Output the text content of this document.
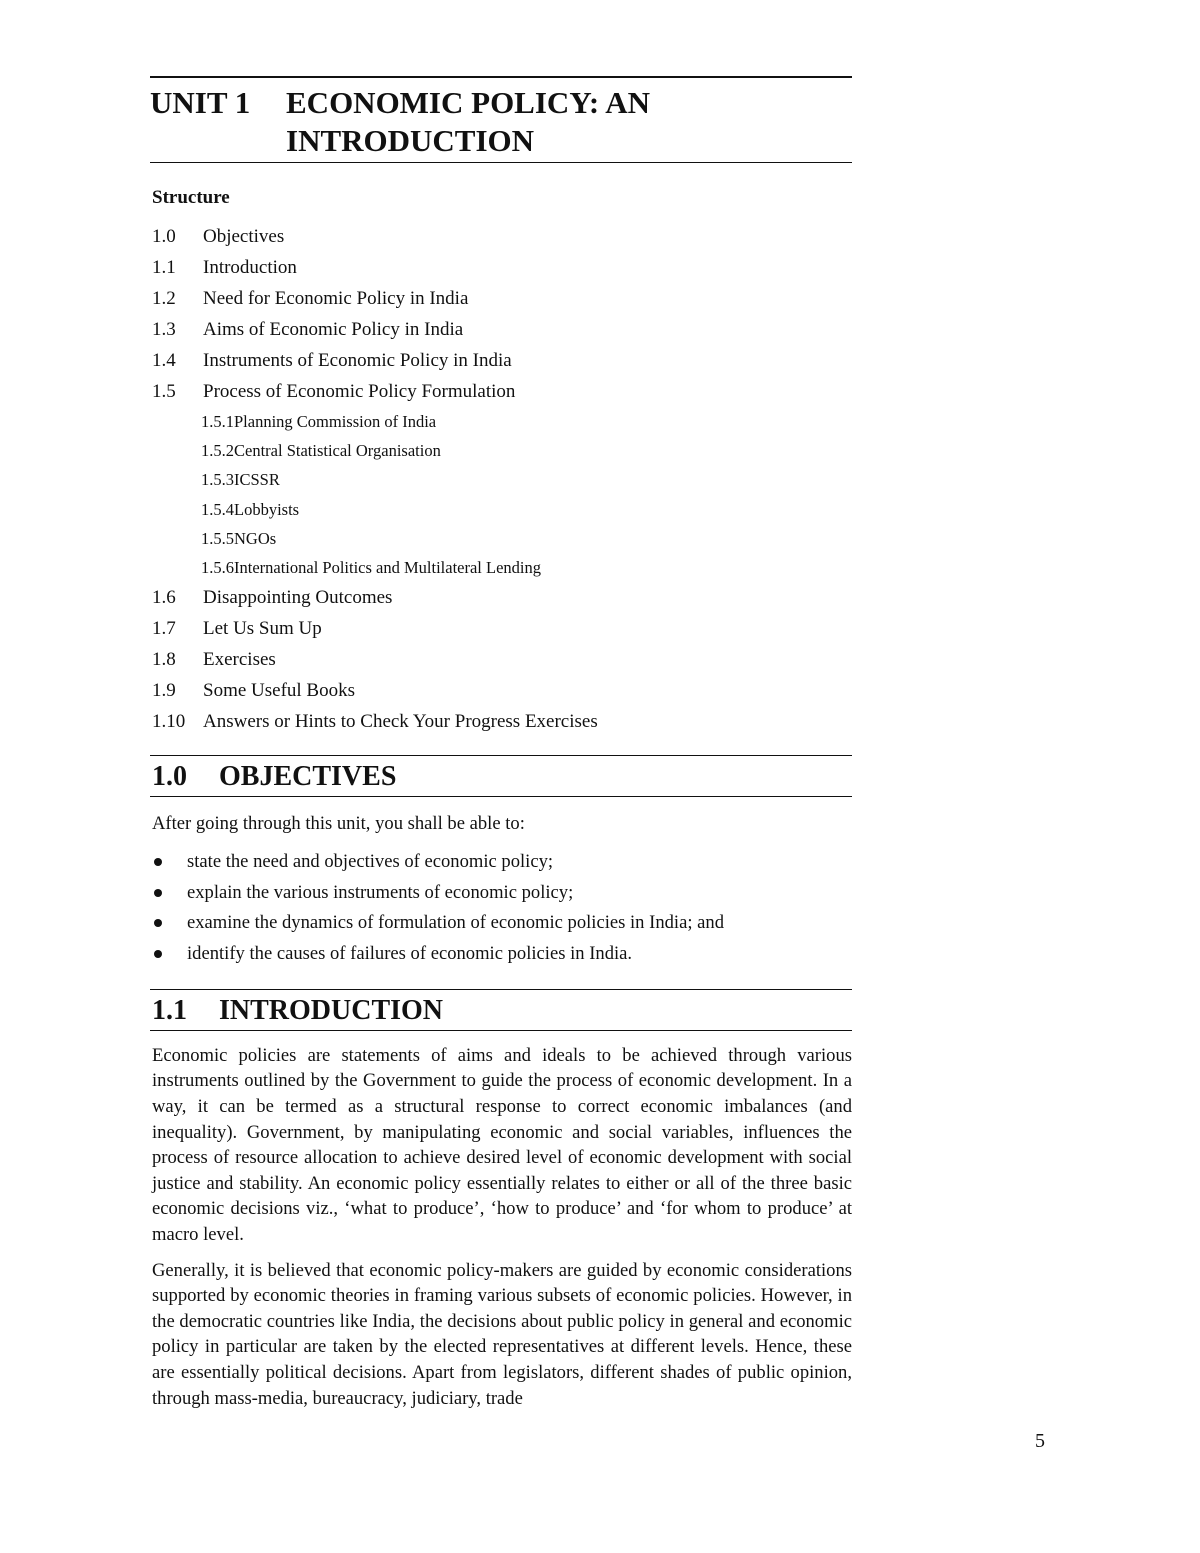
UNIT 1	ECONOMIC POLICY: AN
INTRODUCTION
Structure
1.0	Objectives
1.1	Introduction
1.2	Need for Economic Policy in India
1.3	Aims of Economic Policy in India
1.4	Instruments of Economic Policy in India
1.5	Process of Economic Policy Formulation
1.5.1 Planning Commission of India
1.5.2 Central Statistical Organisation
1.5.3 ICSSR
1.5.4 Lobbyists
1.5.5 NGOs
1.5.6 International Politics and Multilateral Lending
1.6	Disappointing Outcomes
1.7	Let Us Sum Up
1.8	Exercises
1.9	Some Useful Books
1.10 Answers or Hints to Check Your Progress Exercises
1.0	OBJECTIVES
After going through this unit, you shall be able to:
state the need and objectives of economic policy;
explain the various instruments of economic policy;
examine the dynamics of formulation of economic policies in India; and
identify the causes of failures of economic policies in India.
1.1	INTRODUCTION

Economic policies are statements of aims and ideals to be achieved through various instruments outlined by the Government to guide the process of economic development. In a way, it can be termed as a structural response to correct economic imbalances (and inequality). Government, by manipulating economic and social variables, influences the process of resource allocation to achieve desired level of economic development with social justice and stability. An economic policy essentially relates to either or all of the three basic economic decisions viz., ‘what to produce’, ‘how to produce’ and ‘for whom to produce’ at macro level.

Generally, it is believed that economic policy-makers are guided by economic considerations supported by economic theories in framing various subsets of economic policies. However, in the democratic countries like India, the decisions about public policy in general and economic policy in particular are taken by the elected representatives at different levels. Hence, these are essentially political decisions. Apart from legislators, different shades of public opinion, through mass-media, bureaucracy, judiciary, trade

5
